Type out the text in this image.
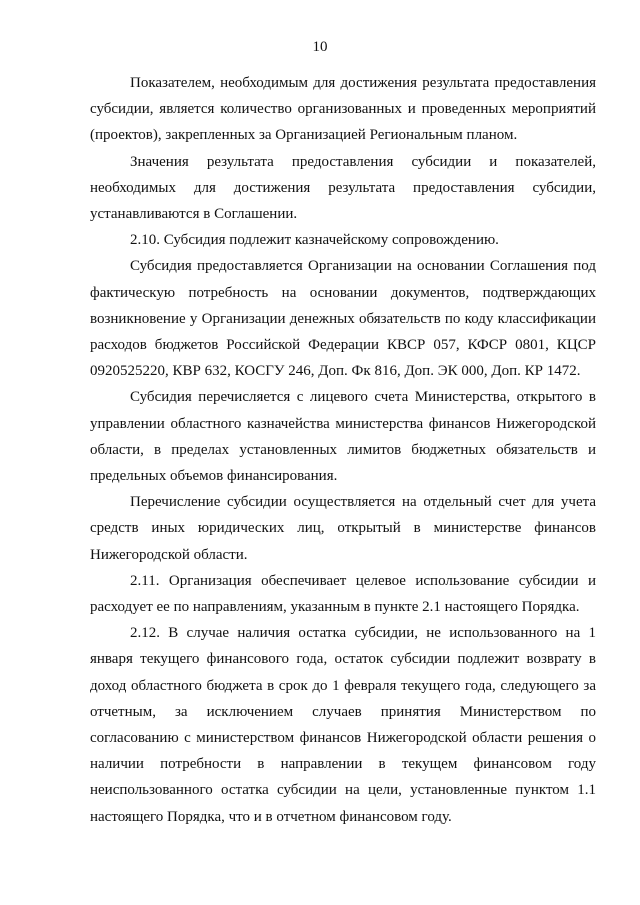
10

Показателем, необходимым для достижения результата предоставления субсидии, является количество организованных и проведенных мероприятий (проектов), закрепленных за Организацией Региональным планом.

Значения результата предоставления субсидии и показателей, необходимых для достижения результата предоставления субсидии, устанавливаются в Соглашении.

2.10. Субсидия подлежит казначейскому сопровождению.

Субсидия предоставляется Организации на основании Соглашения под фактическую потребность на основании документов, подтверждающих возникновение у Организации денежных обязательств по коду классификации расходов бюджетов Российской Федерации КВСР 057, КФСР 0801, КЦСР 0920525220, КВР 632, КОСГУ 246, Доп. Фк 816, Доп. ЭК 000, Доп. КР 1472.

Субсидия перечисляется с лицевого счета Министерства, открытого в управлении областного казначейства министерства финансов Нижегородской области, в пределах установленных лимитов бюджетных обязательств и предельных объемов финансирования.

Перечисление субсидии осуществляется на отдельный счет для учета средств иных юридических лиц, открытый в министерстве финансов Нижегородской области.

2.11. Организация обеспечивает целевое использование субсидии и расходует ее по направлениям, указанным в пункте 2.1 настоящего Порядка.

2.12. В случае наличия остатка субсидии, не использованного на 1 января текущего финансового года, остаток субсидии подлежит возврату в доход областного бюджета в срок до 1 февраля текущего года, следующего за отчетным, за исключением случаев принятия Министерством по согласованию с министерством финансов Нижегородской области решения о наличии потребности в направлении в текущем финансовом году неиспользованного остатка субсидии на цели, установленные пунктом 1.1 настоящего Порядка, что и в отчетном финансовом году.
